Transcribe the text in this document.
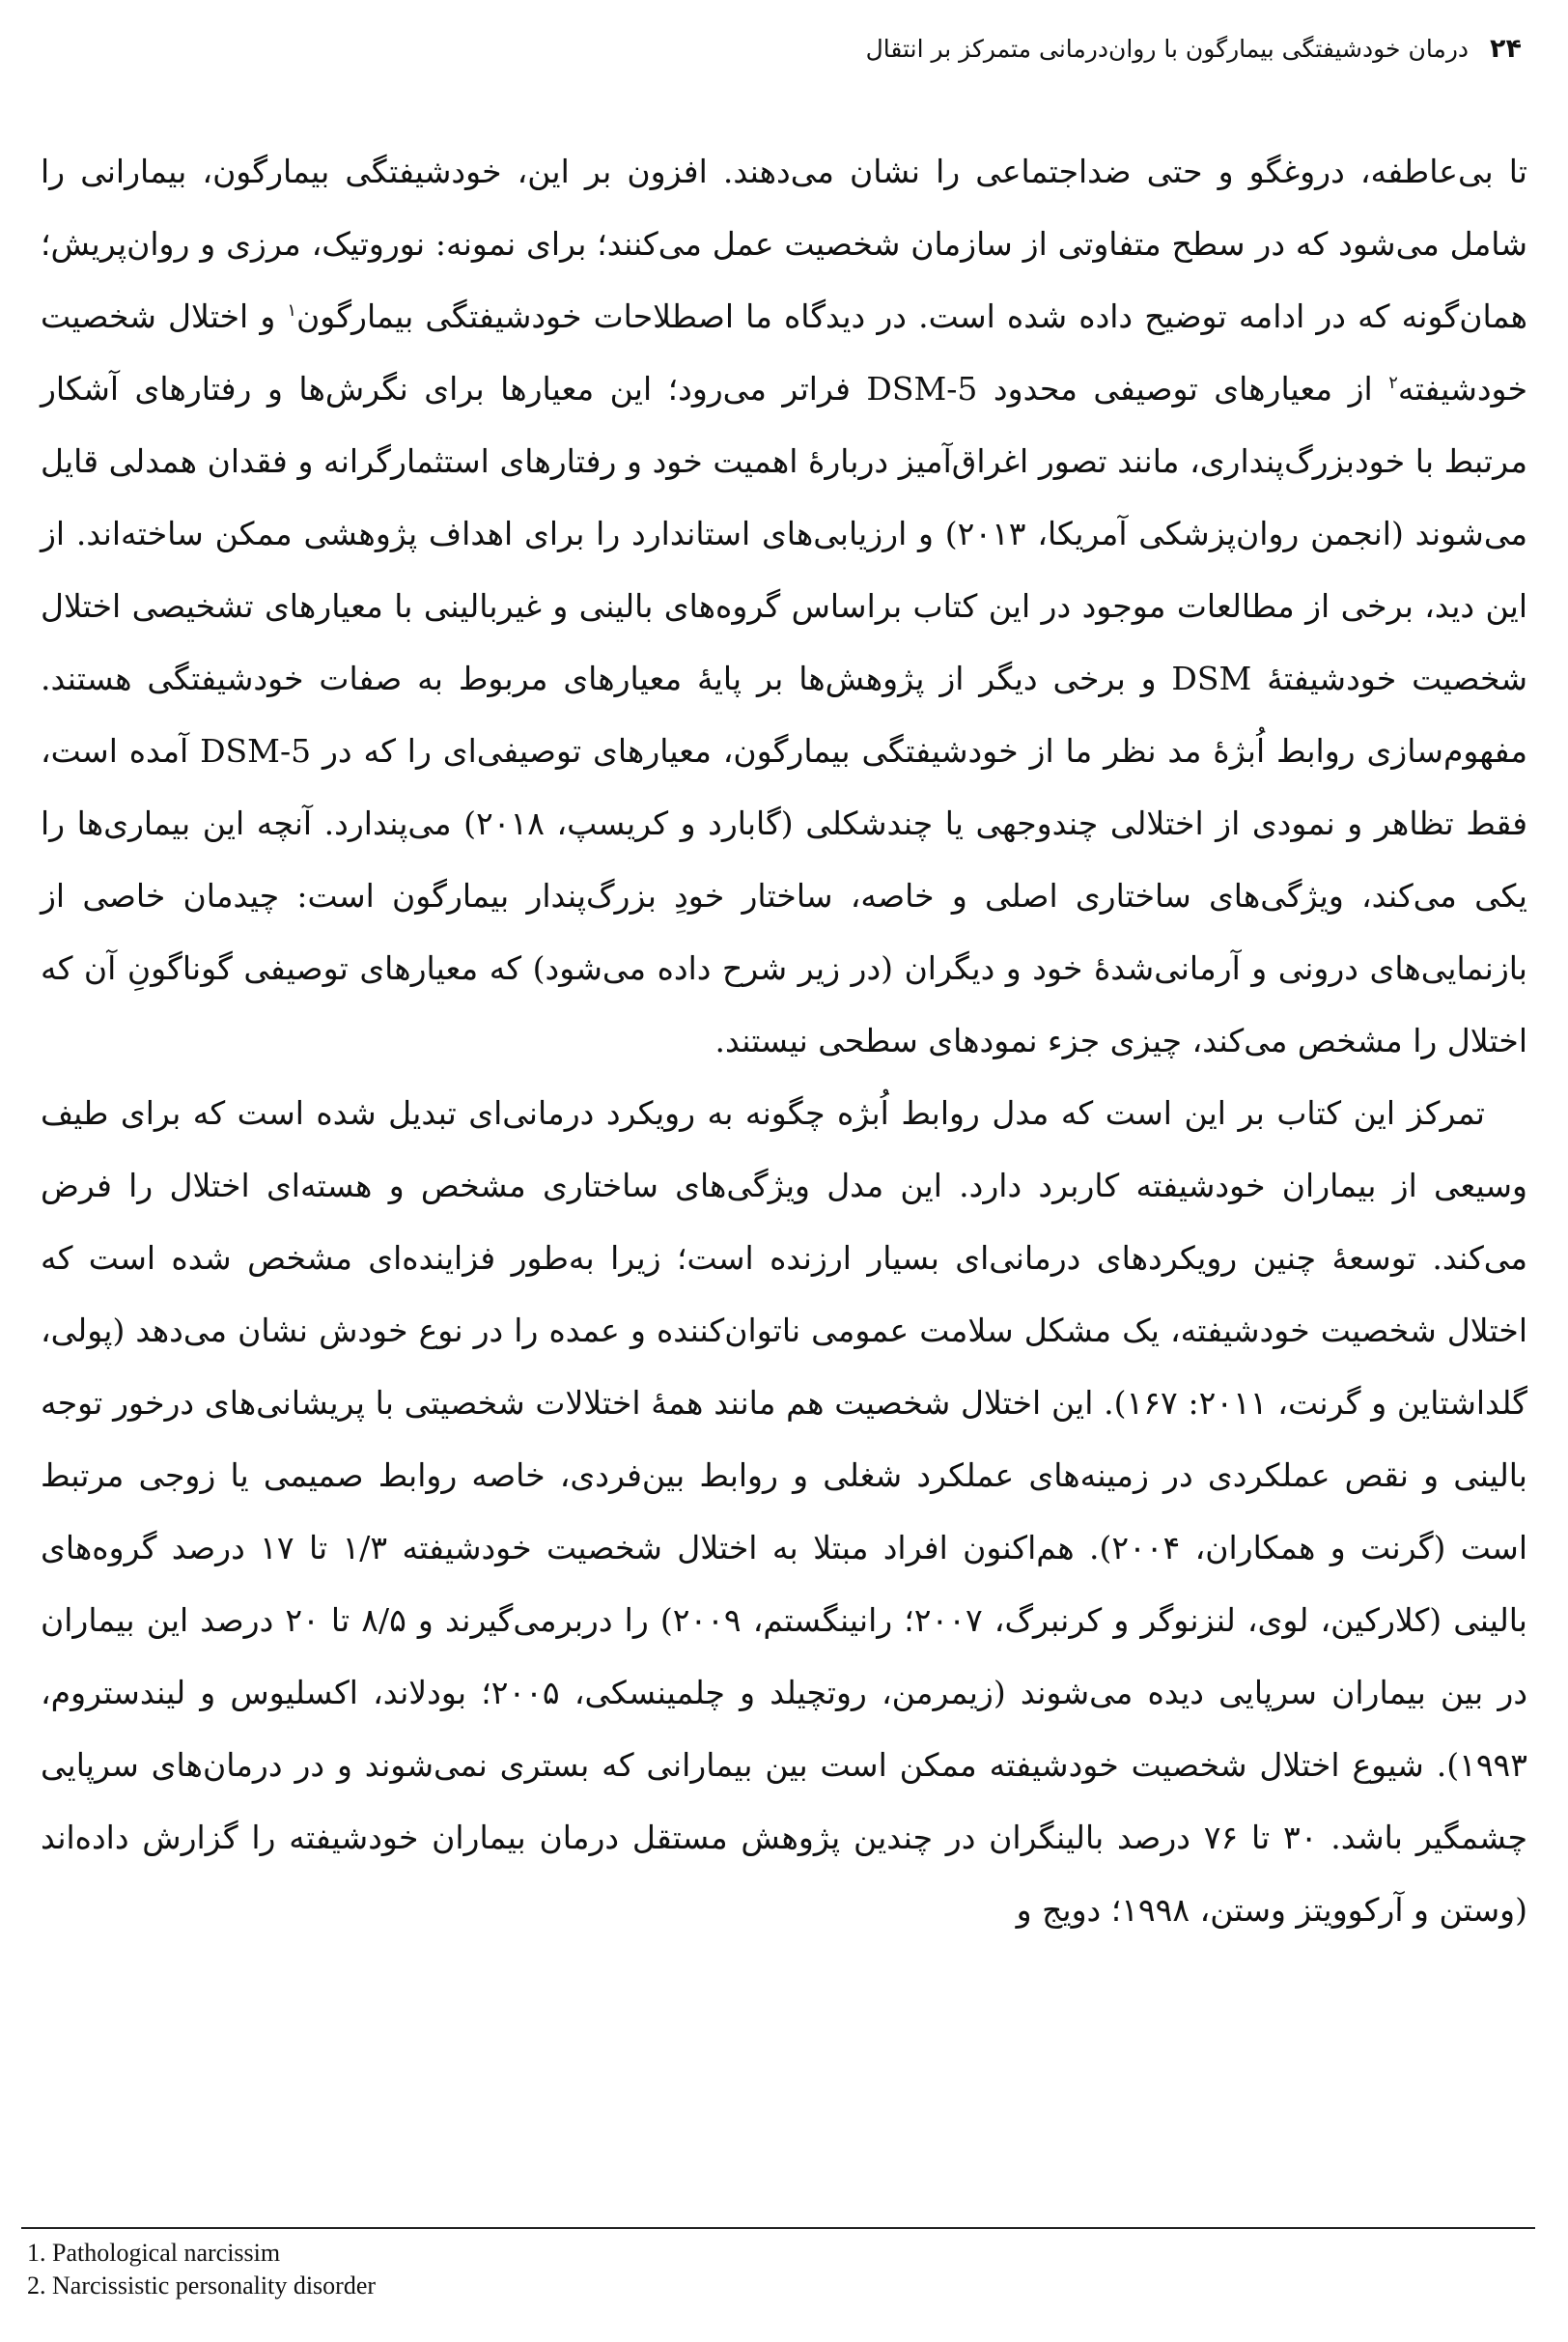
۲۴
درمان خودشیفتگی بیمارگون با روان‌درمانی متمرکز بر انتقال

تا بی‌عاطفه، دروغگو و حتی ضداجتماعی را نشان می‌دهند. افزون بر این، خودشیفتگی بیمارگون، بیمارانی را شامل می‌شود که در سطح متفاوتی از سازمان شخصیت عمل می‌کنند؛ برای نمونه: نوروتیک، مرزی و روان‌پریش؛ همان‌گونه که در ادامه توضیح داده شده است. در دیدگاه ما اصطلاحات خودشیفتگی بیمارگون$^۱$ و اختلال شخصیت خودشیفته$^۲$ از معیارهای توصیفی محدود DSM-5 فراتر می‌رود؛ این معیارها برای نگرش‌ها و رفتارهای آشکار مرتبط با خودبزرگ‌پنداری، مانند تصور اغراق‌آمیز دربارهٔ اهمیت خود و رفتارهای استثمارگرانه و فقدان همدلی قایل می‌شوند (انجمن روان‌پزشکی آمریکا، ۲۰۱۳) و ارزیابی‌های استاندارد را برای اهداف پژوهشی ممکن ساخته‌اند. از این دید، برخی از مطالعات موجود در این کتاب براساس گروه‌های بالینی و غیربالینی با معیارهای تشخیصی اختلال شخصیت خودشیفتهٔ DSM و برخی دیگر از پژوهش‌ها بر پایهٔ معیارهای مربوط به صفات خودشیفتگی هستند. مفهوم‌سازی روابط اُبژهٔ مد نظر ما از خودشیفتگی بیمارگون، معیارهای توصیفی‌ای را که در DSM-5 آمده است، فقط تظاهر و نمودی از اختلالی چندوجهی یا چندشکلی (گابارد و کریسپ، ۲۰۱۸) می‌پندارد. آنچه این بیماری‌ها را یکی می‌کند، ویژگی‌های ساختاری اصلی و خاصه، ساختار خودِ بزرگ‌پندار بیمارگون است: چیدمان خاصی از بازنمایی‌های درونی و آرمانی‌شدهٔ خود و دیگران (در زیر شرح داده می‌شود) که معیارهای توصیفی گوناگونِ آن که اختلال را مشخص می‌کند، چیزی جزء نمودهای سطحی نیستند.

تمرکز این کتاب بر این است که مدل روابط اُبژه چگونه به رویکرد درمانی‌ای تبدیل شده است که برای طیف وسیعی از بیماران خودشیفته کاربرد دارد. این مدل ویژگی‌های ساختاری مشخص و هسته‌ای اختلال را فرض می‌کند. توسعهٔ چنین رویکردهای درمانی‌ای بسیار ارزنده است؛ زیرا به‌طور فزاینده‌ای مشخص شده است که اختلال شخصیت خودشیفته، یک مشکل سلامت عمومی ناتوان‌کننده و عمده را در نوع خودش نشان می‌دهد (پولی، گلداشتاین و گرنت، ۲۰۱۱: ۱۶۷). این اختلال شخصیت هم مانند همهٔ اختلالات شخصیتی با پریشانی‌های درخور توجه بالینی و نقص عملکردی در زمینه‌های عملکرد شغلی و روابط بین‌فردی، خاصه روابط صمیمی یا زوجی مرتبط است (گرنت و همکاران، ۲۰۰۴). هم‌اکنون افراد مبتلا به اختلال شخصیت خودشیفته ۱/۳ تا ۱۷ درصد گروه‌های بالینی (کلارکین، لوی، لنزنوگر و کرنبرگ، ۲۰۰۷؛ رانینگستم، ۲۰۰۹) را دربرمی‌گیرند و ۸/۵ تا ۲۰ درصد این بیماران در بین بیماران سرپایی دیده می‌شوند (زیمرمن، روتچیلد و چلمینسکی، ۲۰۰۵؛ بودلاند، اکسلیوس و لیندستروم، ۱۹۹۳). شیوع اختلال شخصیت خودشیفته ممکن است بین بیمارانی که بستری نمی‌شوند و در درمان‌های سرپایی چشمگیر باشد. ۳۰ تا ۷۶ درصد بالینگران در چندین پژوهش مستقل درمان بیماران خودشیفته را گزارش داده‌اند (وستن و آرکوویتز وستن، ۱۹۹۸؛ دویج و

1. Pathological narcissim
2. Narcissistic personality disorder
